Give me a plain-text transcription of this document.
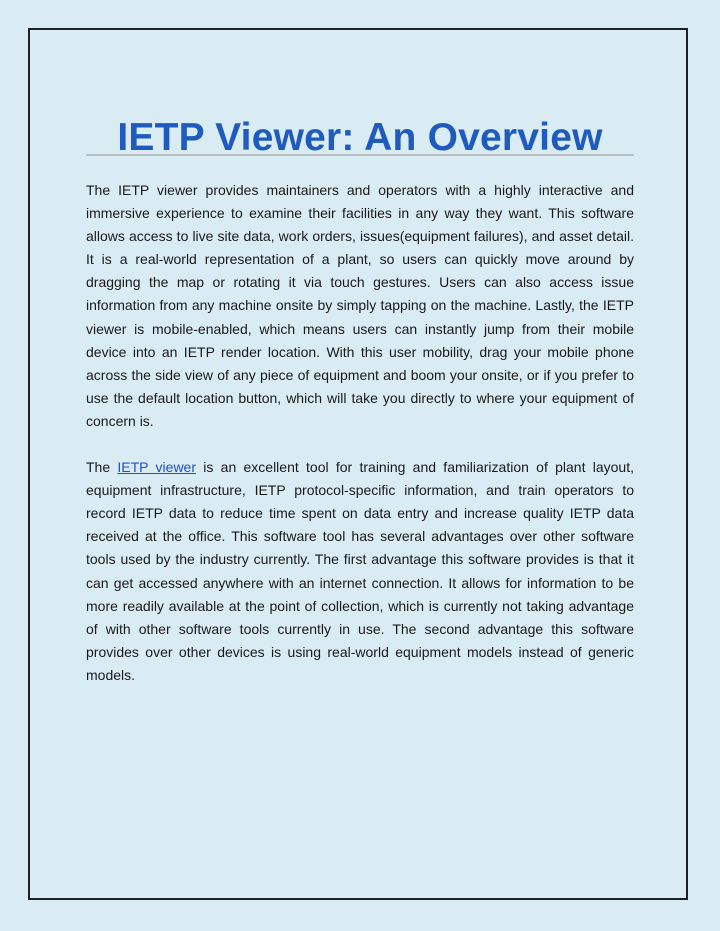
IETP Viewer: An Overview

The IETP viewer provides maintainers and operators with a highly interactive and immersive experience to examine their facilities in any way they want. This software allows access to live site data, work orders, issues(equipment failures), and asset detail. It is a real-world representation of a plant, so users can quickly move around by dragging the map or rotating it via touch gestures. Users can also access issue information from any machine onsite by simply tapping on the machine. Lastly, the IETP viewer is mobile-enabled, which means users can instantly jump from their mobile device into an IETP render location. With this user mobility, drag your mobile phone across the side view of any piece of equipment and boom your onsite, or if you prefer to use the default location button, which will take you directly to where your equipment of concern is.

The IETP viewer is an excellent tool for training and familiarization of plant layout, equipment infrastructure, IETP protocol-specific information, and train operators to record IETP data to reduce time spent on data entry and increase quality IETP data received at the office. This software tool has several advantages over other software tools used by the industry currently. The first advantage this software provides is that it can get accessed anywhere with an internet connection. It allows for information to be more readily available at the point of collection, which is currently not taking advantage of with other software tools currently in use. The second advantage this software provides over other devices is using real-world equipment models instead of generic models.
